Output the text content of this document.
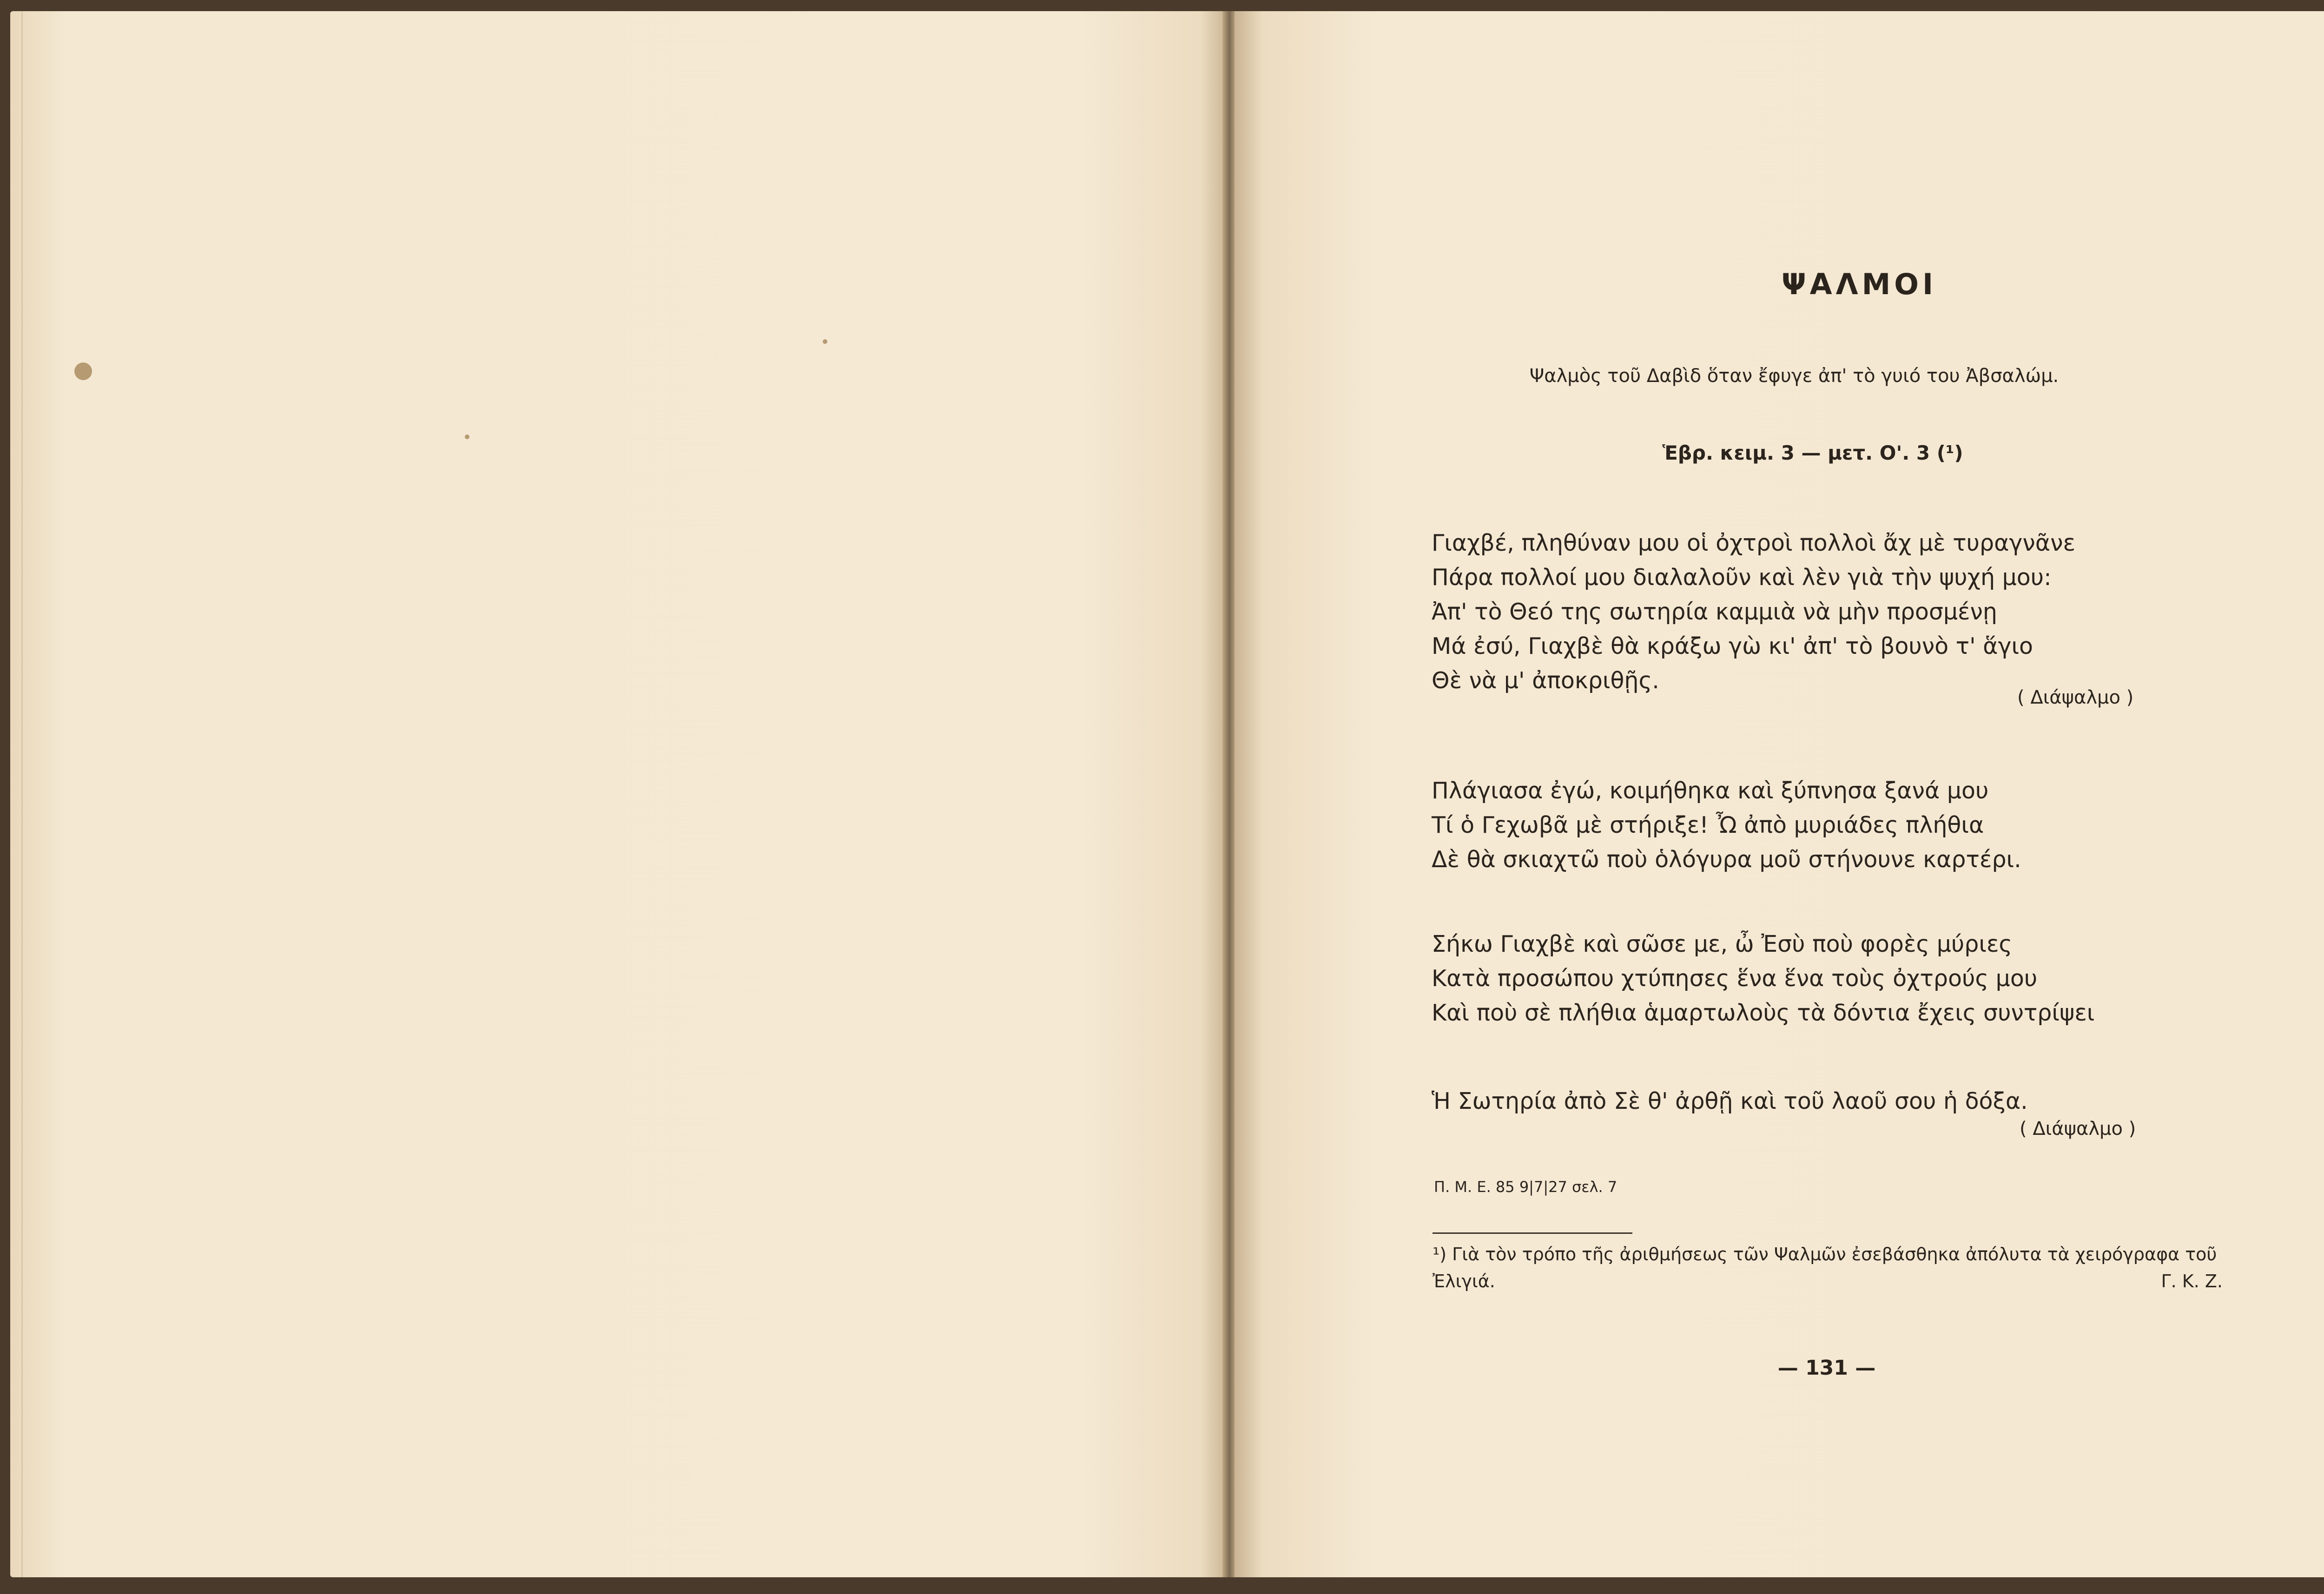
ΨΑΛΜΟΙ
Ψαλμὸς τοῦ Δαβὶδ ὅταν ἔφυγε ἀπ' τὸ γυιό του Ἀβσαλώμ.
Ἑβρ. κειμ. 3 — μετ. Ο'. 3 (¹)
Γιαχβέ, πληθύναν μου οἱ ὀχτροὶ πολλοὶ ἄχ μὲ τυραγνᾶνε
Πάρα πολλοί μου διαλαλοῦν καὶ λὲν γιὰ τὴν ψυχή μου:
Ἀπ' τὸ Θεό της σωτηρία καμμιὰ νὰ μὴν προσμένῃ
Μά ἐσύ, Γιαχβὲ θὰ κράξω γὼ κι' ἀπ' τὸ βουνὸ τ' ἅγιο
Θὲ νὰ μ' ἀποκριθῇς.
( Διάψαλμο )
Πλάγιασα ἐγώ, κοιμήθηκα καὶ ξύπνησα ξανά μου
Τί ὁ Γεχωβᾶ μὲ στήριξε! Ὦ ἀπὸ μυριάδες πλήθια
Δὲ θὰ σκιαχτῶ ποὺ ὁλόγυρα μοῦ στήνουνε καρτέρι.
Σήκω Γιαχβὲ καὶ σῶσε με, ὦ Ἐσὺ ποὺ φορὲς μύριες
Κατὰ προσώπου χτύπησες ἕνα ἕνα τοὺς ὀχτρούς μου
Καὶ ποὺ σὲ πλήθια ἁμαρτωλοὺς τὰ δόντια ἔχεις συντρίψει
Ἡ Σωτηρία ἀπὸ Σὲ θ' ἀρθῇ καὶ τοῦ λαοῦ σου ἡ δόξα.
( Διάψαλμο )
Π. Μ. Ε. 85 9|7|27 σελ. 7
¹) Γιὰ τὸν τρόπο τῆς ἀριθμήσεως τῶν Ψαλμῶν ἐσεβάσθηκα ἀπόλυτα τὰ χειρόγραφα τοῦ Ἐλιγιά.	Γ. Κ. Ζ.
— 131 —
